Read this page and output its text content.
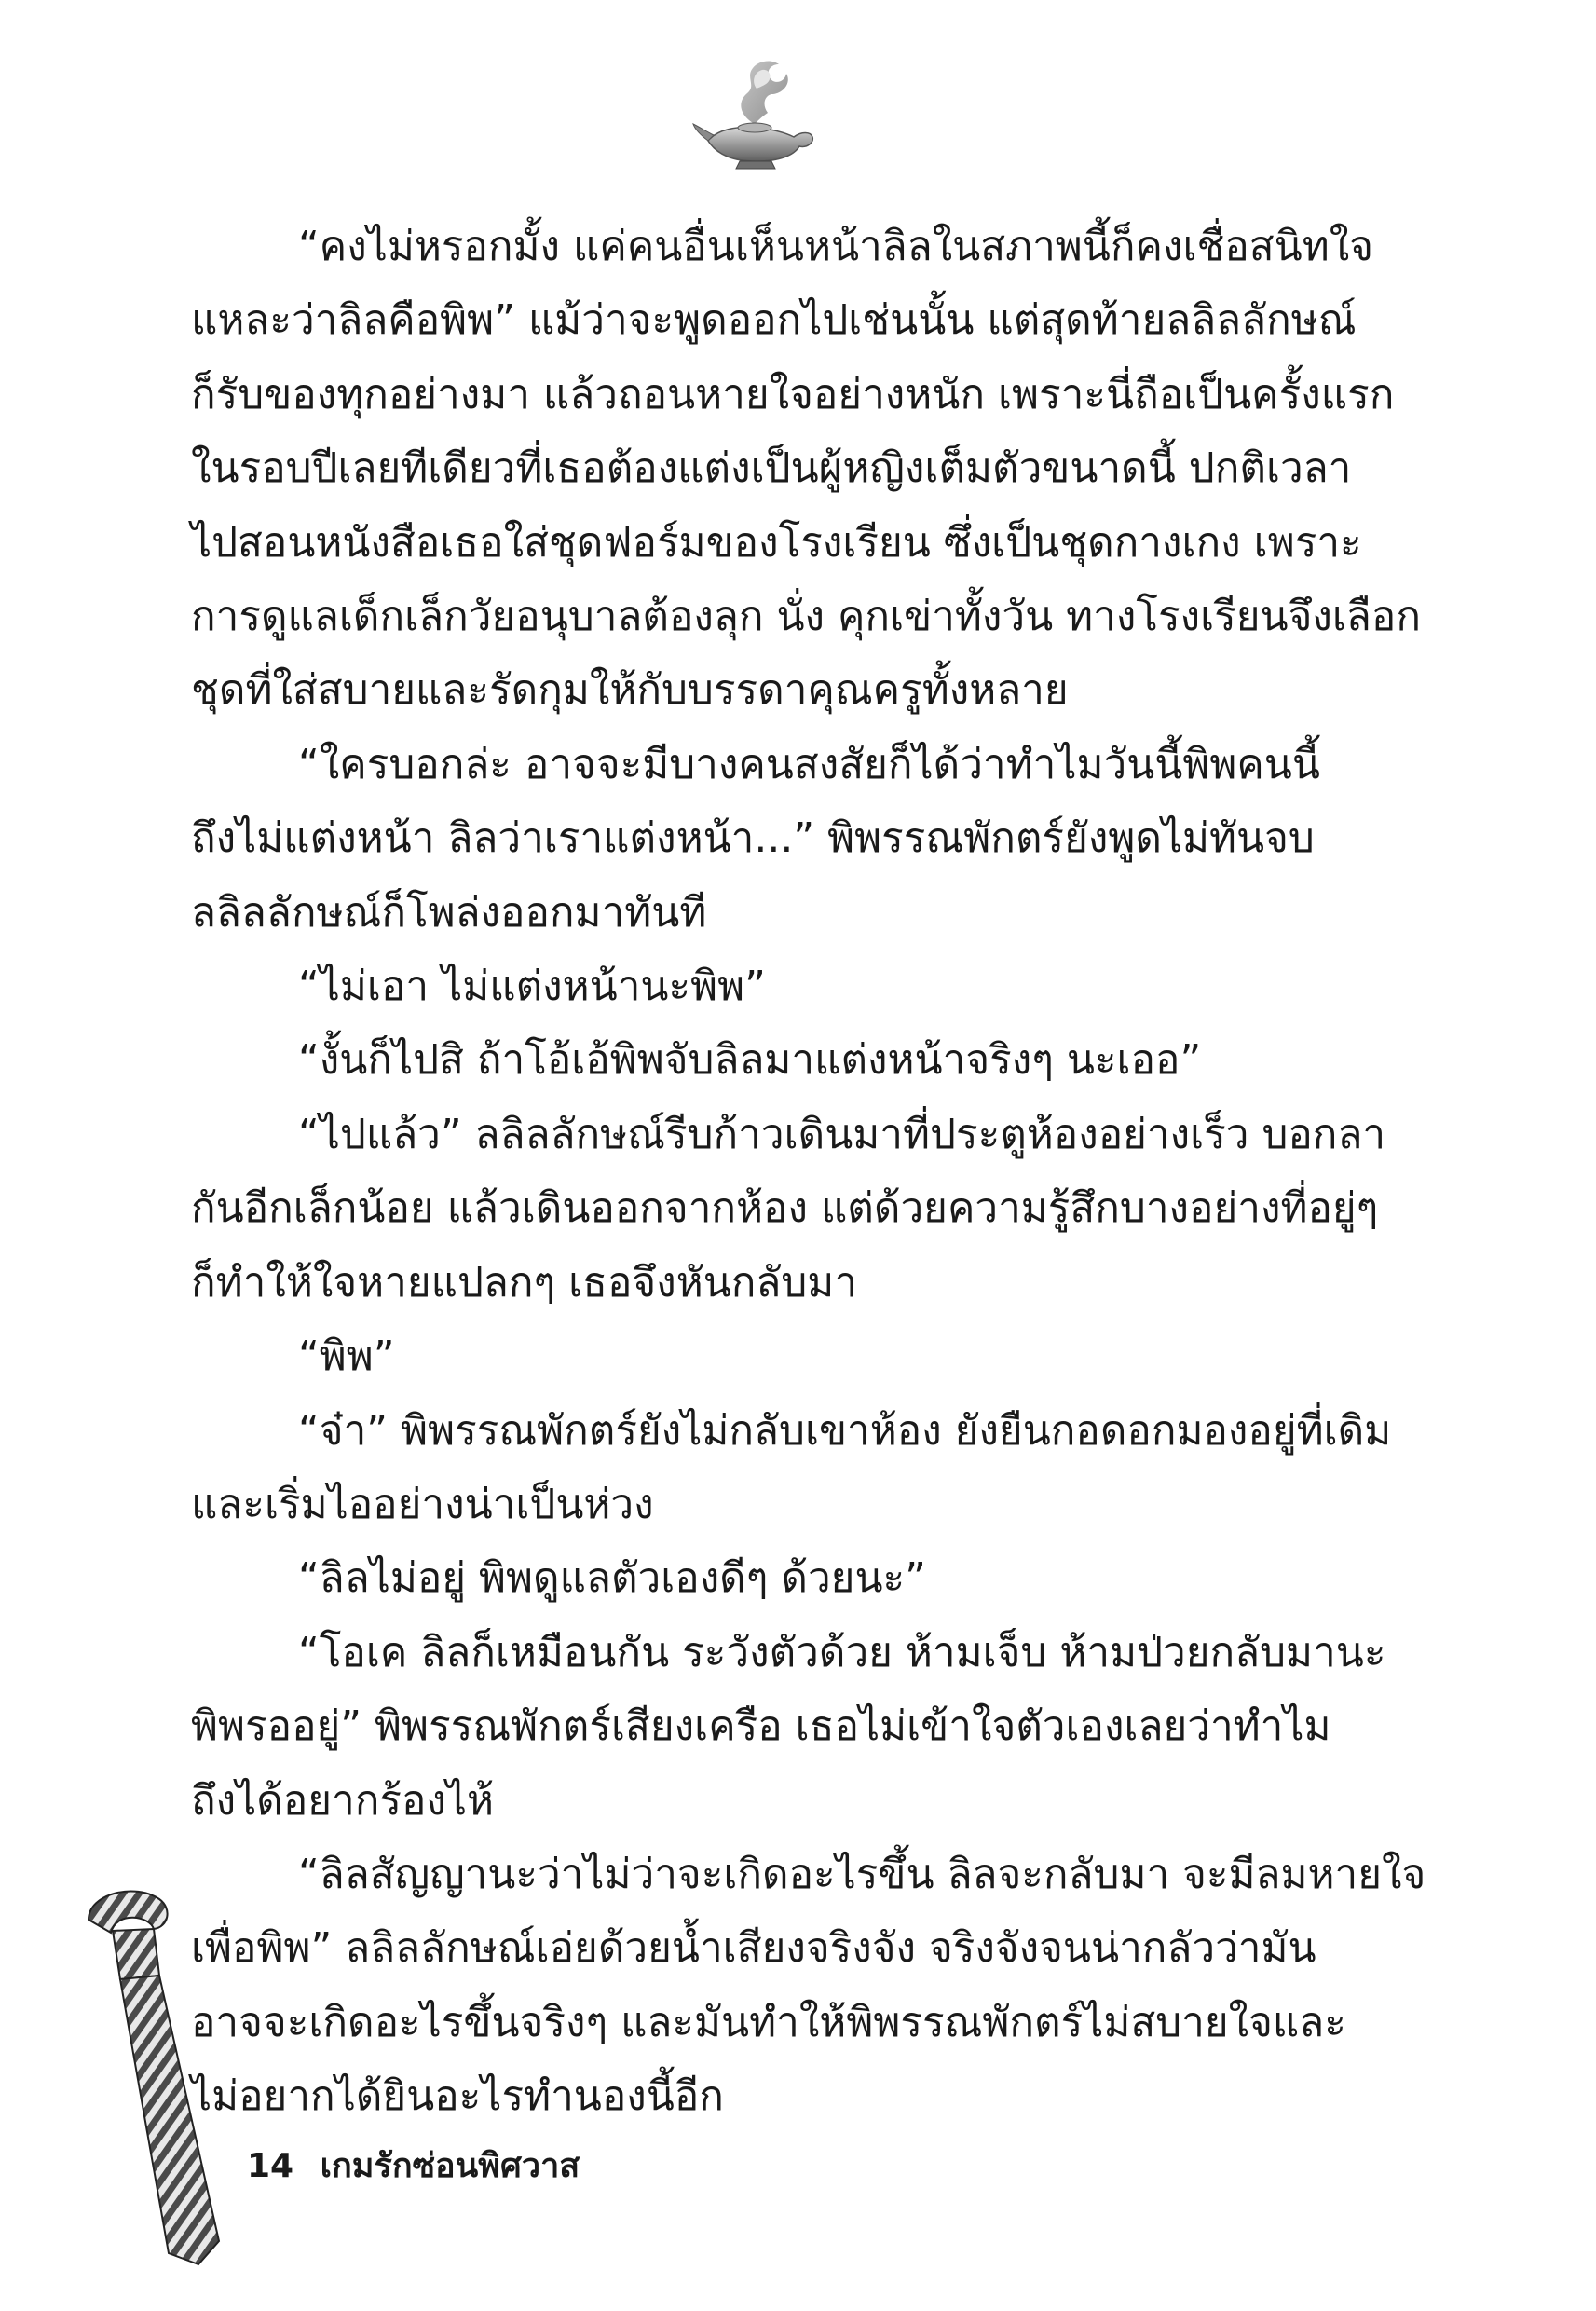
“คงไม่หรอกมั้ง แค่คนอื่นเห็นหน้าลิลในสภาพนี้ก็คงเชื่อสนิทใจ

แหละว่าลิลคือพิพ” แม้ว่าจะพูดออกไปเช่นนั้น แต่สุดท้ายลลิลลักษณ์

ก็รับของทุกอย่างมา แล้วถอนหายใจอย่างหนัก เพราะนี่ถือเป็นครั้งแรก

ในรอบปีเลยทีเดียวที่เธอต้องแต่งเป็นผู้หญิงเต็มตัวขนาดนี้ ปกติเวลา

ไปสอนหนังสือเธอใส่ชุดฟอร์มของโรงเรียน ซึ่งเป็นชุดกางเกง เพราะ

การดูแลเด็กเล็กวัยอนุบาลต้องลุก นั่ง คุกเข่าทั้งวัน ทางโรงเรียนจึงเลือก

ชุดที่ใส่สบายและรัดกุมให้กับบรรดาคุณครูทั้งหลาย

“ใครบอกล่ะ อาจจะมีบางคนสงสัยก็ได้ว่าทำไมวันนี้พิพคนนี้

ถึงไม่แต่งหน้า ลิลว่าเราแต่งหน้า...” พิพรรณพักตร์ยังพูดไม่ทันจบ

ลลิลลักษณ์ก็โพล่งออกมาทันที

“ไม่เอา ไม่แต่งหน้านะพิพ”

“งั้นก็ไปสิ ถ้าโอ้เอ้พิพจับลิลมาแต่งหน้าจริงๆ นะเออ”

“ไปแล้ว” ลลิลลักษณ์รีบก้าวเดินมาที่ประตูห้องอย่างเร็ว บอกลา

กันอีกเล็กน้อย แล้วเดินออกจากห้อง แต่ด้วยความรู้สึกบางอย่างที่อยู่ๆ

ก็ทำให้ใจหายแปลกๆ เธอจึงหันกลับมา

“พิพ”

“จ๋า” พิพรรณพักตร์ยังไม่กลับเขาห้อง ยังยืนกอดอกมองอยู่ที่เดิม

และเริ่มไออย่างน่าเป็นห่วง

“ลิลไม่อยู่ พิพดูแลตัวเองดีๆ ด้วยนะ”

“โอเค ลิลก็เหมือนกัน ระวังตัวด้วย ห้ามเจ็บ ห้ามป่วยกลับมานะ

พิพรออยู่” พิพรรณพักตร์เสียงเครือ เธอไม่เข้าใจตัวเองเลยว่าทำไม

ถึงได้อยากร้องไห้

“ลิลสัญญานะว่าไม่ว่าจะเกิดอะไรขึ้น ลิลจะกลับมา จะมีลมหายใจ

เพื่อพิพ” ลลิลลักษณ์เอ่ยด้วยน้ำเสียงจริงจัง จริงจังจนน่ากลัวว่ามัน

อาจจะเกิดอะไรขึ้นจริงๆ และมันทำให้พิพรรณพักตร์ไม่สบายใจและ

ไม่อยากได้ยินอะไรทำนองนี้อีก

14 เกมรักซ่อนพิศวาส
